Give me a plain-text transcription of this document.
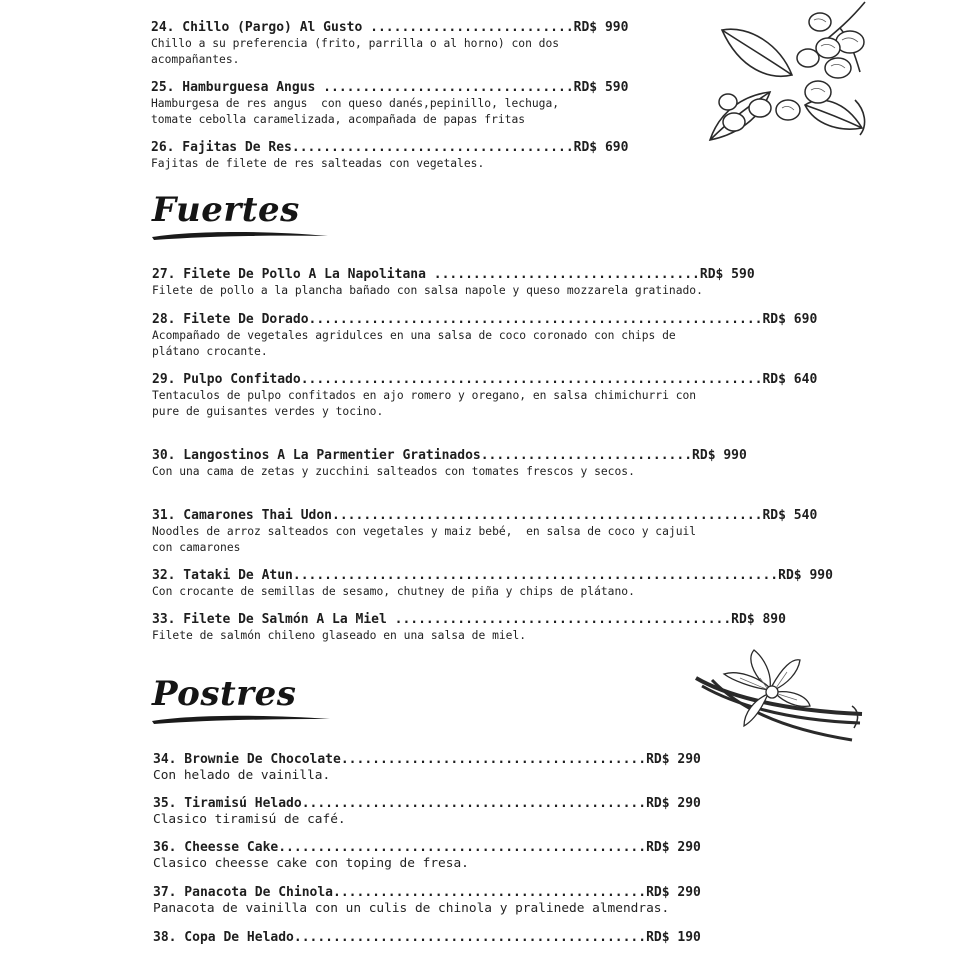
24. Chillo (Pargo) Al Gusto ..........................RD$ 990
Chillo a su preferencia (frito, parrilla o al horno) con dos
acompañantes.
25. Hamburguesa Angus ................................RD$ 590
Hamburgesa de res angus  con queso danés,pepinillo, lechuga,
tomate cebolla caramelizada, acompañada de papas fritas
26. Fajitas De Res....................................RD$ 690
Fajitas de filete de res salteadas con vegetales.
Fuertes
27. Filete De Pollo A La Napolitana ..................................RD$ 590
Filete de pollo a la plancha bañado con salsa napole y queso mozzarela gratinado.
28. Filete De Dorado..........................................................RD$ 690
Acompañado de vegetales agridulces en una salsa de coco coronado con chips de
plátano crocante.
29. Pulpo Confitado...........................................................RD$ 640
Tentaculos de pulpo confitados en ajo romero y oregano, en salsa chimichurri con
pure de guisantes verdes y tocino.
30. Langostinos A La Parmentier Gratinados...........................RD$ 990
Con una cama de zetas y zucchini salteados con tomates frescos y secos.
31. Camarones Thai Udon.......................................................RD$ 540
Noodles de arroz salteados con vegetales y maiz bebé,  en salsa de coco y cajuil
con camarones
32. Tataki De Atun..............................................................RD$ 990
Con crocante de semillas de sesamo, chutney de piña y chips de plátano.
33. Filete De Salmón A La Miel ...........................................RD$ 890
Filete de salmón chileno glaseado en una salsa de miel.
Postres
34. Brownie De Chocolate.......................................RD$ 290
Con helado de vainilla.
35. Tiramisú Helado............................................RD$ 290
Clasico tiramisú de café.
36. Cheesse Cake...............................................RD$ 290
Clasico cheesse cake con toping de fresa.
37. Panacota De Chinola........................................RD$ 290
Panacota de vainilla con un culis de chinola y pralinede almendras.
38. Copa De Helado.............................................RD$ 190
